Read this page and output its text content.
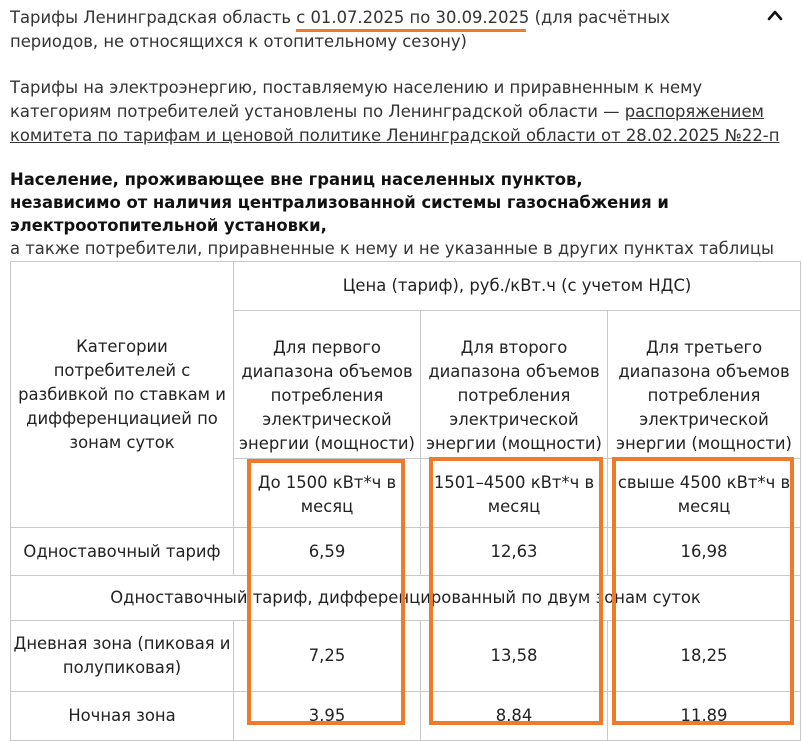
Тарифы Ленинградская область с 01.07.2025 по 30.09.2025 (для расчётных
периодов, не относящихся к отопительному сезону)
Тарифы на электроэнергию, поставляемую населению и приравненным к нему
категориям потребителей установлены по Ленинградской области — распоряжением
комитета по тарифам и ценовой политике Ленинградской области от 28.02.2025 №22-п
Население, проживающее вне границ населенных пунктов,
независимо от наличия централизованной системы газоснабжения и
электроотопительной установки,
а также потребители, приравненные к нему и не указанные в других пунктах таблицы
Категории потребителей с разбивкой по ставкам и дифференциацией по зонам суток	Цена (тариф), руб./кВт.ч (с учетом НДС)		
	Для первого диапазона объемов потребления электрической энергии (мощности)	Для второго диапазона объемов потребления электрической энергии (мощности)	Для третьего диапазона объемов потребления электрической энергии (мощности)
	До 1500 кВт*ч в месяц	1501–4500 кВт*ч в месяц	свыше 4500 кВт*ч в месяц
Одноставочный тариф	6,59	12,63	16,98
Одноставочный тариф, дифференцированный по двум зонам суток			
Дневная зона (пиковая и полупиковая)	7,25	13,58	18,25
Ночная зона	3,95	8,84	11,89
